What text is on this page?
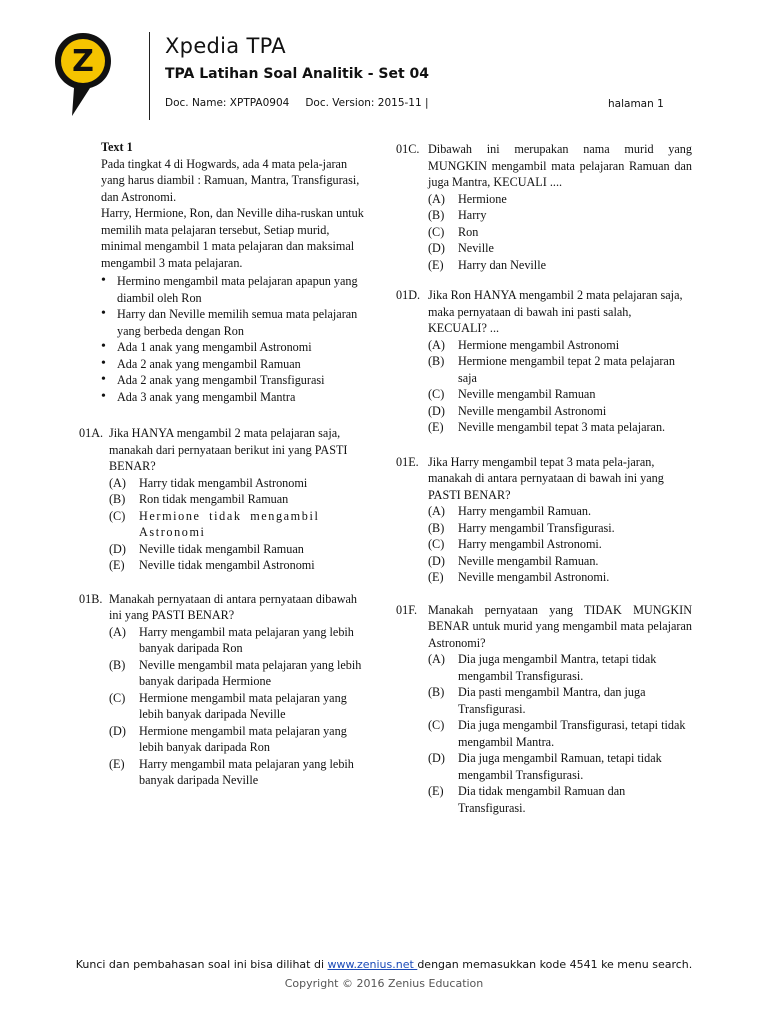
Z	Xpedia TPA
TPA Latihan Soal Analitik - Set 04
Doc. Name: XPTPA0904 Doc. Version: 2015-11 |	halaman 1
Text 1
Pada tingkat 4 di Hogwards, ada 4 mata pela-jaran yang harus diambil : Ramuan, Mantra, Transfigurasi, dan Astronomi.
Harry, Hermione, Ron, dan Neville diha-ruskan untuk memilih mata pelajaran tersebut, Setiap murid, minimal mengambil 1 mata pelajaran dan maksimal mengambil 3 mata pelajaran.
• Hermino mengambil mata pelajaran apapun yang diambil oleh Ron
• Harry dan Neville memilih semua mata pelajaran yang berbeda dengan Ron
• Ada 1 anak yang mengambil Astronomi
• Ada 2 anak yang mengambil Ramuan
• Ada 2 anak yang mengambil Transfigurasi
• Ada 3 anak yang mengambil Mantra
01A. Jika HANYA mengambil 2 mata pelajaran saja, manakah dari pernyataan berikut ini yang PASTI BENAR?
(A) Harry tidak mengambil Astronomi
(B) Ron tidak mengambil Ramuan
(C) Hermione tidak mengambil Astronomi
(D) Neville tidak mengambil Ramuan
(E) Neville tidak mengambil Astronomi
01B. Manakah pernyataan di antara pernyataan dibawah ini yang PASTI BENAR?
(A) Harry mengambil mata pelajaran yang lebih banyak daripada Ron
(B) Neville mengambil mata pelajaran yang lebih banyak daripada Hermione
(C) Hermione mengambil mata pelajaran yang lebih banyak daripada Neville
(D) Hermione mengambil mata pelajaran yang lebih banyak daripada Ron
(E) Harry mengambil mata pelajaran yang lebih banyak daripada Neville
01C. Dibawah ini merupakan nama murid yang MUNGKIN mengambil mata pelajaran Ramuan dan juga Mantra, KECUALI ....
(A) Hermione
(B) Harry
(C) Ron
(D) Neville
(E) Harry dan Neville
01D. Jika Ron HANYA mengambil 2 mata pelajaran saja, maka pernyataan di bawah ini pasti salah, KECUALI? ...
(A) Hermione mengambil Astronomi
(B) Hermione mengambil tepat 2 mata pelajaran saja
(C) Neville mengambil Ramuan
(D) Neville mengambil Astronomi
(E) Neville mengambil tepat 3 mata pelajaran.
01E. Jika Harry mengambil tepat 3 mata pela-jaran, manakah di antara pernyataan di bawah ini yang PASTI BENAR?
(A) Harry mengambil Ramuan.
(B) Harry mengambil Transfigurasi.
(C) Harry mengambil Astronomi.
(D) Neville mengambil Ramuan.
(E) Neville mengambil Astronomi.
01F. Manakah pernyataan yang TIDAK MUNGKIN BENAR untuk murid yang mengambil mata pelajaran Astronomi?
(A) Dia juga mengambil Mantra, tetapi tidak mengambil Transfigurasi.
(B) Dia pasti mengambil Mantra, dan juga Transfigurasi.
(C) Dia juga mengambil Transfigurasi, tetapi tidak mengambil Mantra.
(D) Dia juga mengambil Ramuan, tetapi tidak mengambil Transfigurasi.
(E) Dia tidak mengambil Ramuan dan Transfigurasi.
Kunci dan pembahasan soal ini bisa dilihat di www.zenius.net dengan memasukkan kode 4541 ke menu search.
Copyright © 2016 Zenius Education
